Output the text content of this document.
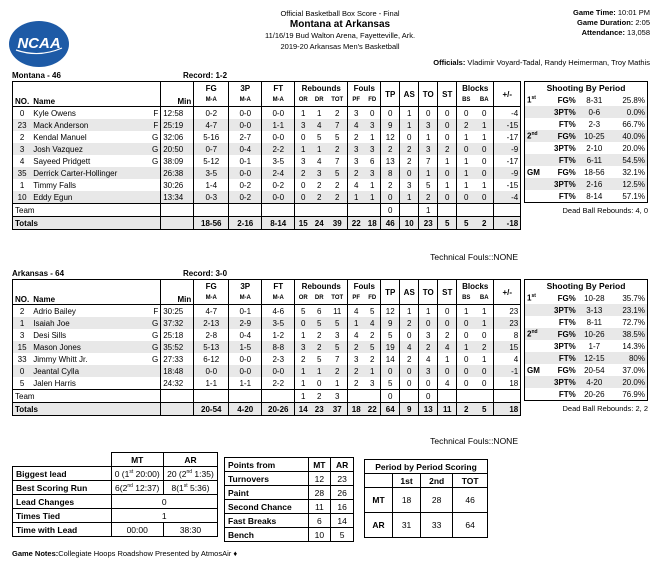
NCAA
Official Basketball Box Score - Final
Montana at Arkansas
11/16/19 Bud Walton Arena, Fayetteville, Ark.
2019-20 Arkansas Men's Basketball
Game Time: 10:01 PM
Game Duration: 2:05
Attendance: 13,058
Officials: Vladimir Voyard-Tadal, Randy Heimerman, Troy Mathis
Montana - 46	Record: 1-2
NO.	Name	Min	FG	3P	FT	Rebounds			Fouls		TP	AS	TO	ST	Blocks		+/-
			M-A	M-A	M-A	OR	DR	TOT	PF	FD					BS	BA	
0	Kyle Owens F	12:58	0-2	0-0	0-0	1	1	2	3	0	0	1	0	0	0	0	-4
23	Mack Anderson F	25:19	4-7	0-0	1-1	3	4	7	4	3	9	1	3	0	2	1	-15
2	Kendal Manuel G	32:06	5-16	2-7	0-0	0	5	5	2	1	12	0	1	0	1	1	-17
3	Josh Vazquez G	20:50	0-7	0-4	2-2	1	1	2	3	3	2	2	3	2	0	0	-9
4	Sayeed Pridgett G	38:09	5-12	0-1	3-5	3	4	7	3	6	13	2	7	1	1	0	-17
35	Derrick Carter-Hollinger	26:38	3-5	0-0	2-4	2	3	5	2	3	8	0	1	0	1	0	-9
1	Timmy Falls	30:26	1-4	0-2	0-2	0	2	2	4	1	2	3	5	1	1	1	-15
10	Eddy Egun	13:34	0-3	0-2	0-0	0	2	2	1	1	0	1	2	0	0	0	-4
Team											0		1				
Totals			18-56	2-16	8-14	15	24	39	22	18	46	10	23	5	5	2	-18
Shooting By Period			
1st	FG%	8-31	25.8%
	3PT%	0-6	0.0%
	FT%	2-3	66.7%
2nd	FG%	10-25	40.0%
	3PT%	2-10	20.0%
	FT%	6-11	54.5%
GM	FG%	18-56	32.1%
	3PT%	2-16	12.5%
	FT%	8-14	57.1%
Dead Ball Rebounds: 4, 0
Technical Fouls::NONE
Arkansas - 64	Record: 3-0
NO.	Name	Min	FG	3P	FT	Rebounds			Fouls		TP	AS	TO	ST	Blocks		+/-
			M-A	M-A	M-A	OR	DR	TOT	PF	FD					BS	BA	
2	Adrio Bailey F	30:25	4-7	0-1	4-6	5	6	11	4	5	12	1	1	0	1	1	23
1	Isaiah Joe G	37:32	2-13	2-9	3-5	0	5	5	1	4	9	2	0	0	0	1	23
3	Desi Sills G	25:18	2-8	0-4	1-2	1	2	3	4	2	5	0	3	2	0	0	8
15	Mason Jones G	35:52	5-13	1-5	8-8	3	2	5	2	5	19	4	2	4	1	2	15
33	Jimmy Whitt Jr. G	27:33	6-12	0-0	2-3	2	5	7	3	2	14	2	4	1	0	1	4
0	Jeantal Cylla	18:48	0-0	0-0	0-0	1	1	2	2	1	0	0	3	0	0	0	-1
5	Jalen Harris	24:32	1-1	1-1	2-2	1	0	1	2	3	5	0	0	4	0	0	18
Team						1	2	3			0		0				
Totals			20-54	4-20	20-26	14	23	37	18	22	64	9	13	11	2	5	18
Shooting By Period			
1st	FG%	10-28	35.7%
	3PT%	3-13	23.1%
	FT%	8-11	72.7%
2nd	FG%	10-26	38.5%
	3PT%	1-7	14.3%
	FT%	12-15	80%
GM	FG%	20-54	37.0%
	3PT%	4-20	20.0%
	FT%	20-26	76.9%
Dead Ball Rebounds: 2, 2
Technical Fouls::NONE
	MT	AR
Biggest lead	0 (1st 20:00)	20 (2nd 1:35)
Best Scoring Run	6(2nd 12:37)	8(1st 5:36)
Lead Changes	0	
Times Tied	1	
Time with Lead	00:00	38:30
Points from	MT	AR
Turnovers	12	23
Paint	28	26
Second Chance	11	16
Fast Breaks	6	14
Bench	10	5
Period by Period Scoring			
	1st	2nd	TOT
MT	18	28	46
AR	31	33	64
Game Notes:Collegiate Hoops Roadshow Presented by AtmosAir ♦
